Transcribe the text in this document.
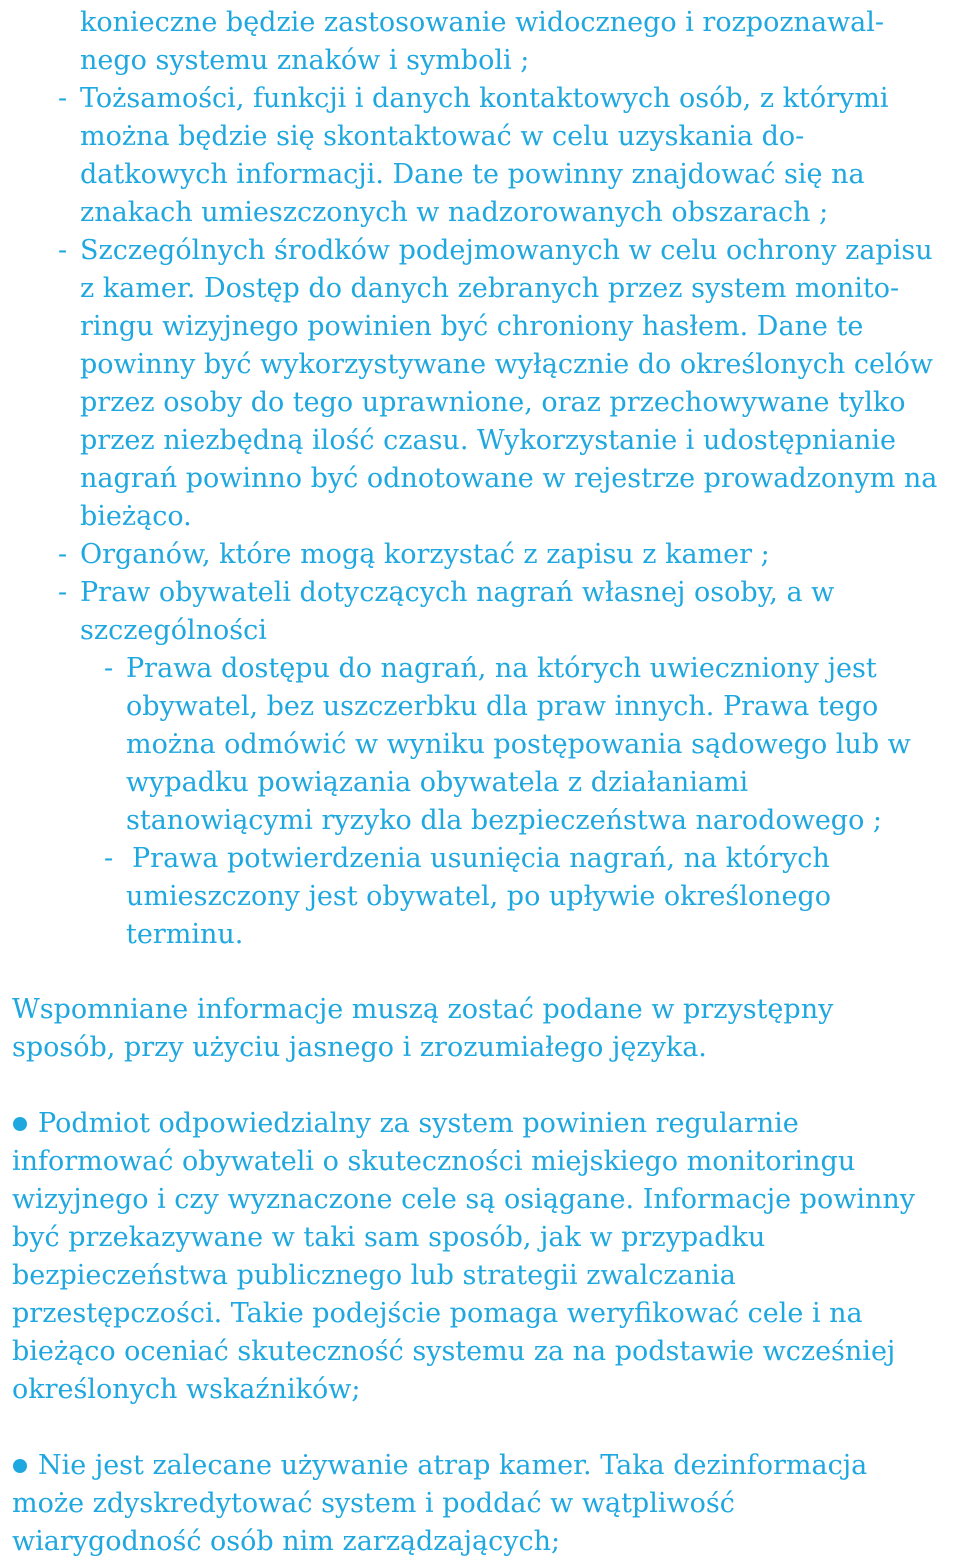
konieczne będzie zastosowanie widocznego i rozpoznawal-
nego systemu znaków i symboli ;
- Tożsamości, funkcji i danych kontaktowych osób, z którymi
można będzie się skontaktować w celu uzyskania do-
datkowych informacji. Dane te powinny znajdować się na
znakach umieszczonych w nadzorowanych obszarach ;
- Szczególnych środków podejmowanych w celu ochrony zapisu
z kamer. Dostęp do danych zebranych przez system monito-
ringu wizyjnego powinien być chroniony hasłem. Dane te
powinny być wykorzystywane wyłącznie do określonych celów
przez osoby do tego uprawnione, oraz przechowywane tylko
przez niezbędną ilość czasu. Wykorzystanie i udostępnianie
nagrań powinno być odnotowane w rejestrze prowadzonym na
bieżąco.
- Organów, które mogą korzystać z zapisu z kamer ;
- Praw obywateli dotyczących nagrań własnej osoby, a w
szczególności
- Prawa dostępu do nagrań, na których uwieczniony jest
obywatel, bez uszczerbku dla praw innych. Prawa tego
można odmówić w wyniku postępowania sądowego lub w
wypadku powiązania obywatela z działaniami
stanowiącymi ryzyko dla bezpieczeństwa narodowego ;
- Prawa potwierdzenia usunięcia nagrań, na których
umieszczony jest obywatel, po upływie określonego
terminu.
Wspomniane informacje muszą zostać podane w przystępny
sposób, przy użyciu jasnego i zrozumiałego języka.
Podmiot odpowiedzialny za system powinien regularnie
informować obywateli o skuteczności miejskiego monitoringu
wizyjnego i czy wyznaczone cele są osiągane. Informacje powinny
być przekazywane w taki sam sposób, jak w przypadku
bezpieczeństwa publicznego lub strategii zwalczania
przestępczości. Takie podejście pomaga weryfikować cele i na
bieżąco oceniać skuteczność systemu za na podstawie wcześniej
określonych wskaźników;
Nie jest zalecane używanie atrap kamer. Taka dezinformacja
może zdyskredytować system i poddać w wątpliwość
wiarygodność osób nim zarządzających;
